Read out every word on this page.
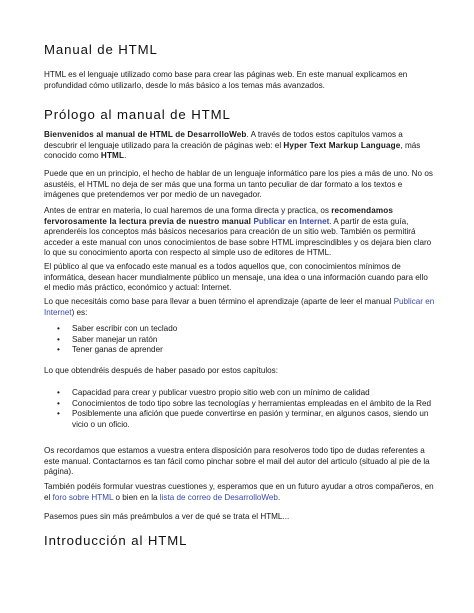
Manual de HTML

HTML es el lenguaje utilizado como base para crear las páginas web. En este manual explicamos en profundidad cómo utilizarlo, desde lo más básico a los temas más avanzados.

Prólogo al manual de HTML

Bienvenidos al manual de HTML de DesarrolloWeb. A través de todos estos capítulos vamos a descubrir el lenguaje utilizado para la creación de páginas web: el Hyper Text Markup Language, más conocido como HTML.

Puede que en un principio, el hecho de hablar de un lenguaje informático pare los pies a más de uno. No os asustéis, el HTML no deja de ser más que una forma un tanto peculiar de dar formato a los textos e imágenes que pretendemos ver por medio de un navegador.

Antes de entrar en materia, lo cual haremos de una forma directa y practica, os recomendamos fervorosamente la lectura previa de nuestro manual Publicar en Internet. A partir de esta guía, aprenderéis los conceptos más básicos necesarios para creación de un sitio web. También os permitirá acceder a este manual con unos conocimientos de base sobre HTML imprescindibles y os dejara bien claro lo que su conocimiento aporta con respecto al simple uso de editores de HTML.

El público al que va enfocado este manual es a todos aquellos que, con conocimientos mínimos de informática, desean hacer mundialmente público un mensaje, una idea o una información cuando para ello el medio más práctico, económico y actual: Internet.

Lo que necesitáis como base para llevar a buen término el aprendizaje (aparte de leer el manual Publicar en Internet) es:

• Saber escribir con un teclado
• Saber manejar un ratón
• Tener ganas de aprender

Lo que obtendréis después de haber pasado por estos capítulos:

• Capacidad para crear y publicar vuestro propio sitio web con un mínimo de calidad
• Conocimientos de todo tipo sobre las tecnologías y herramientas empleadas en el ámbito de la Red
• Posiblemente una afición que puede convertirse en pasión y terminar, en algunos casos, siendo un vicio o un oficio.

Os recordamos que estamos a vuestra entera disposición para resolveros todo tipo de dudas referentes a este manual. Contactarnos es tan fácil como pinchar sobre el mail del autor del articulo (situado al pie de la página).

También podéis formular vuestras cuestiones y, esperamos que en un futuro ayudar a otros compañeros, en el foro sobre HTML o bien en la lista de correo de DesarrolloWeb.

Pasemos pues sin más preámbulos a ver de qué se trata el HTML...

Introducción al HTML
